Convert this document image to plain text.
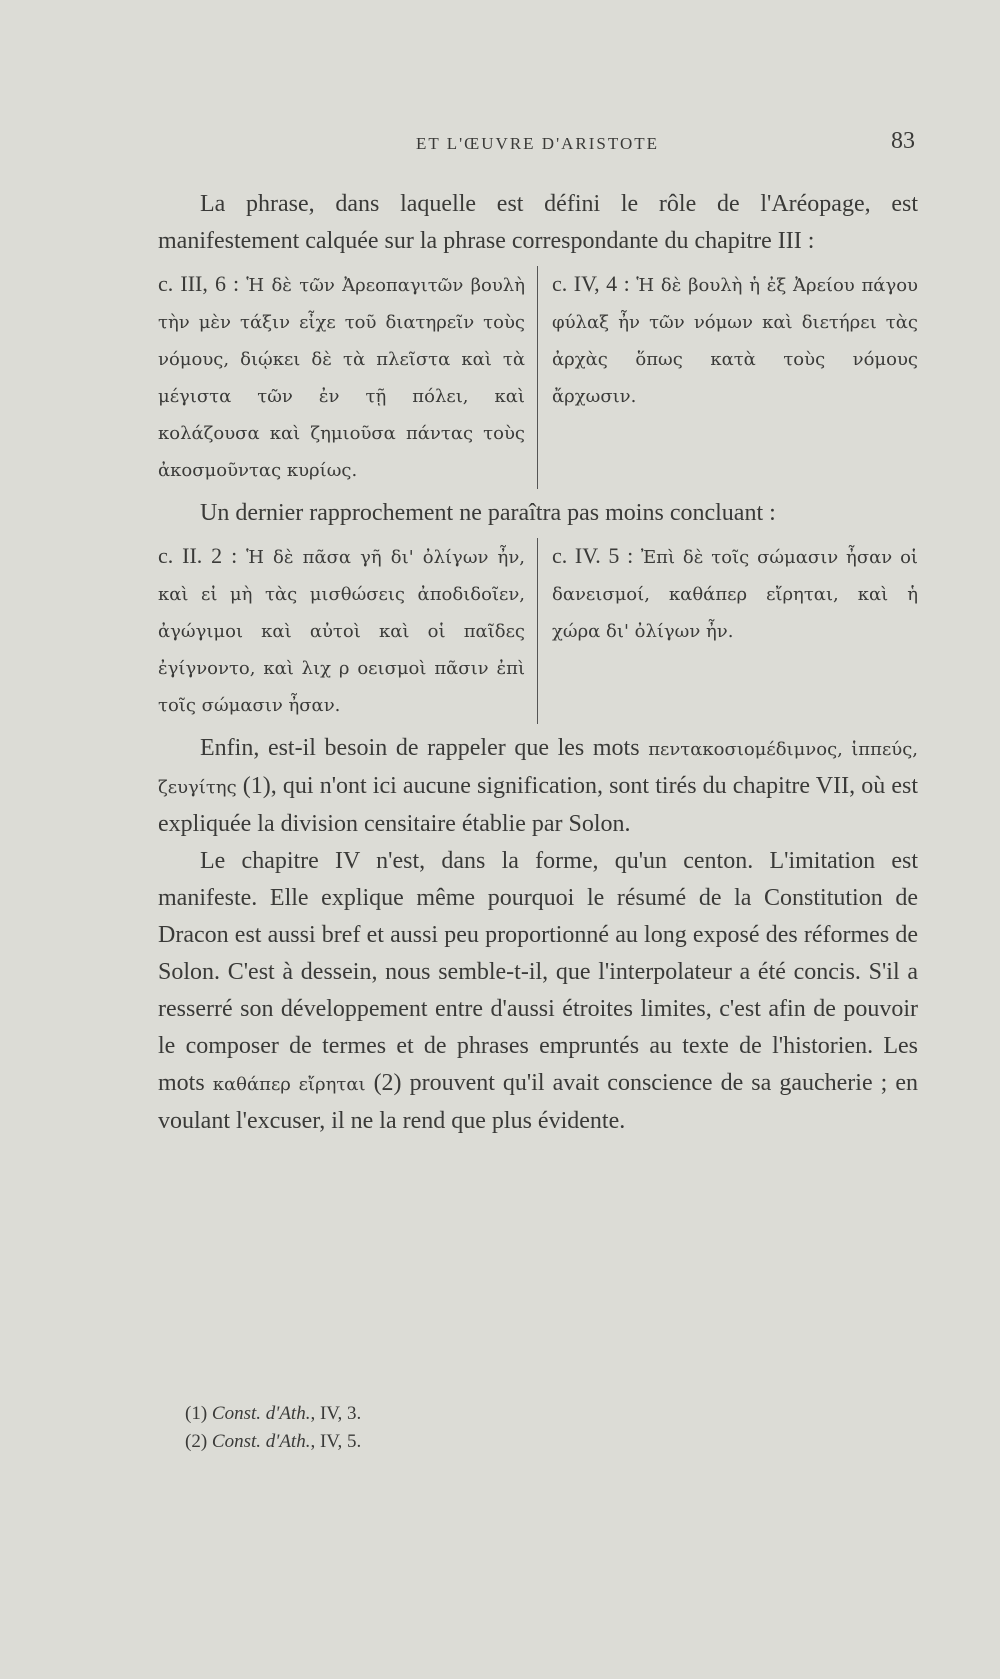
ET L'ŒUVRE D'ARISTOTE	83

La phrase, dans laquelle est défini le rôle de l'Aréopage, est manifestement calquée sur la phrase correspondante du chapitre III :

c. III, 6 : Ἡ δὲ τῶν Ἀρεοπαγιτῶν βουλὴ τὴν μὲν τάξιν εἶχε τοῦ διατηρεῖν τοὺς νόμους, διῴκει δὲ τὰ πλεῖστα καὶ τὰ μέγιστα τῶν ἐν τῇ πόλει, καὶ κολάζουσα καὶ ζημιοῦσα πάντας τοὺς ἀκοσμοῦντας κυρίως.

c. IV, 4 : Ἡ δὲ βουλὴ ἡ ἐξ Ἀρείου πάγου φύλαξ ἦν τῶν νόμων καὶ διετήρει τὰς ἀρχὰς ὅπως κατὰ τοὺς νόμους ἄρχωσιν.

Un dernier rapprochement ne paraîtra pas moins concluant :

c. II. 2 : Ἡ δὲ πᾶσα γῆ δι' ὀλίγων ἦν, καὶ εἰ μὴ τὰς μισθώσεις ἀποδιδοῖεν, ἀγώγιμοι καὶ αὐτοὶ καὶ οἱ παῖδες ἐγίγνοντο, καὶ λιχ ρ οεισμοὶ πᾶσιν ἐπὶ τοῖς σώμασιν ἦσαν.

c. IV. 5 : Ἐπὶ δὲ τοῖς σώμασιν ἦσαν οἱ δανεισμοί, καθάπερ εἴρηται, καὶ ἡ χώρα δι' ὀλίγων ἦν.

Enfin, est-il besoin de rappeler que les mots πεντακοσιομέδιμνος, ἱππεύς, ζευγίτης (1), qui n'ont ici aucune signification, sont tirés du chapitre VII, où est expliquée la division censitaire établie par Solon.

Le chapitre IV n'est, dans la forme, qu'un centon. L'imitation est manifeste. Elle explique même pourquoi le résumé de la Constitution de Dracon est aussi bref et aussi peu proportionné au long exposé des réformes de Solon. C'est à dessein, nous semble-t-il, que l'interpolateur a été concis. S'il a resserré son développement entre d'aussi étroites limites, c'est afin de pouvoir le composer de termes et de phrases empruntés au texte de l'historien. Les mots καθάπερ εἴρηται (2) prouvent qu'il avait conscience de sa gaucherie ; en voulant l'excuser, il ne la rend que plus évidente.

(1) Const. d'Ath., IV, 3.
(2) Const. d'Ath., IV, 5.
